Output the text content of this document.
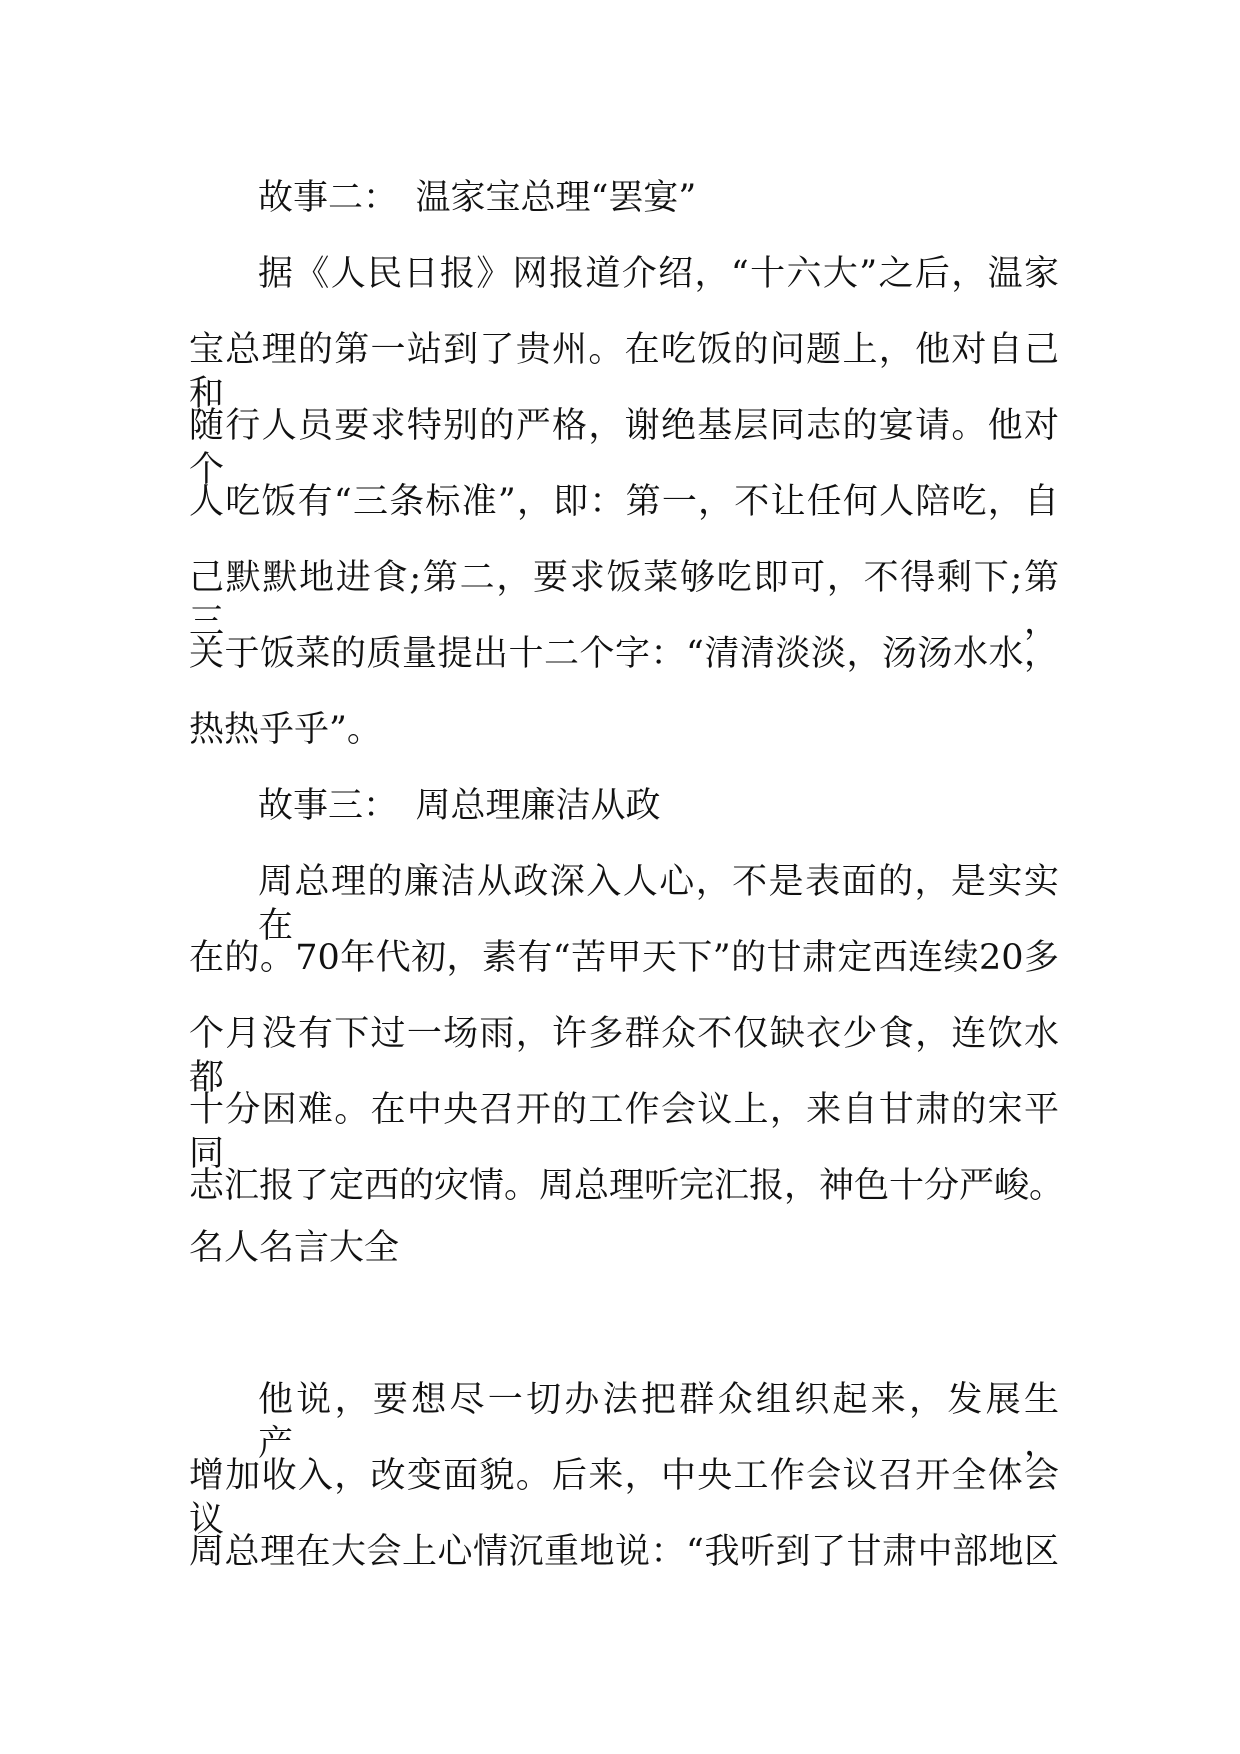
故事二：　温家宝总理“罢宴”
据《人民日报》网报道介绍，“十六大”之后，温家
宝总理的第一站到了贵州。在吃饭的问题上，他对自己和
随行人员要求特别的严格，谢绝基层同志的宴请。他对个
人吃饭有“三条标准”，即：第一，不让任何人陪吃，自
己默默地进食;第二，要求饭菜够吃即可，不得剩下;第三，
关于饭菜的质量提出十二个字：“清清淡淡，汤汤水水，
热热乎乎”。
故事三：　周总理廉洁从政
周总理的廉洁从政深入人心，不是表面的，是实实在
在的。70年代初，素有“苦甲天下”的甘肃定西连续20多
个月没有下过一场雨，许多群众不仅缺衣少食，连饮水都
十分困难。在中央召开的工作会议上，来自甘肃的宋平同
志汇报了定西的灾情。周总理听完汇报，神色十分严峻。
名人名言大全
他说，要想尽一切办法把群众组织起来，发展生产，
增加收入，改变面貌。后来，中央工作会议召开全体会议
周总理在大会上心情沉重地说：“我听到了甘肃中部地区
